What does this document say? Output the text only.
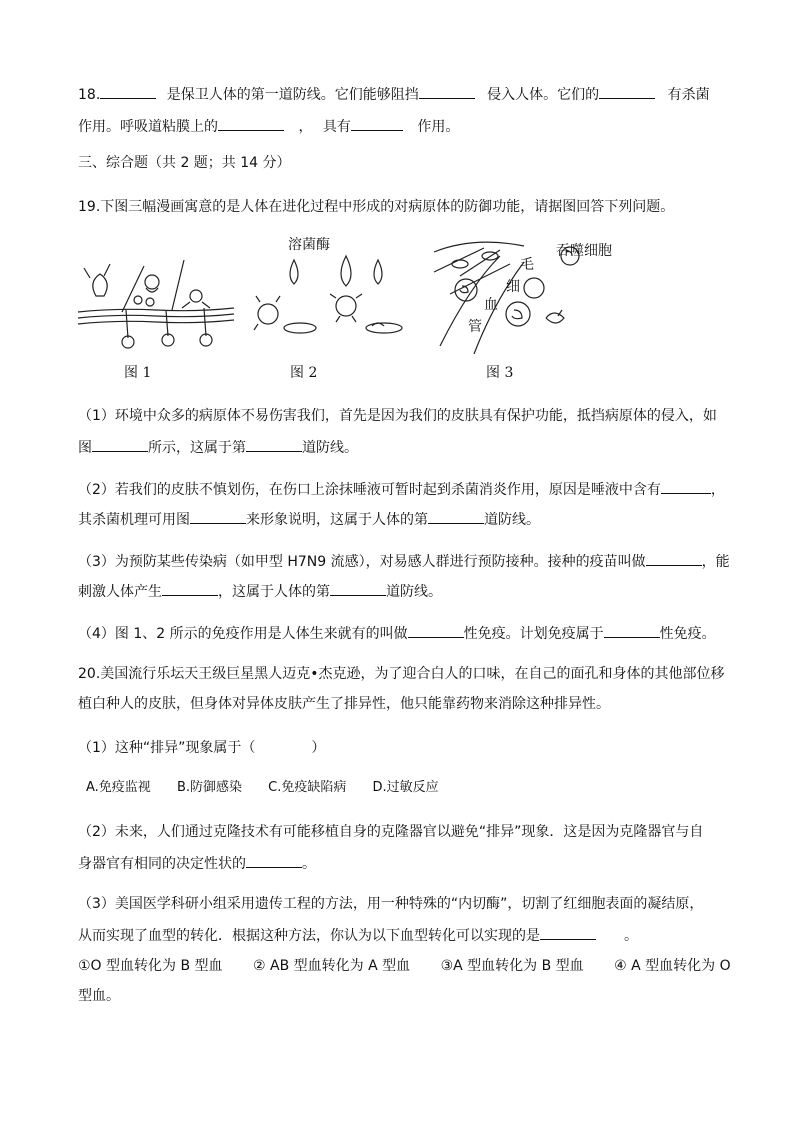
18.	是保卫人体的第一道防线。它们能够阻挡	侵入人体。它们的	有杀菌
作用。呼吸道粘膜上的	， 具有	作用。
三、综合题（共 2 题；共 14 分）
19.下图三幅漫画寓意的是人体在进化过程中形成的对病原体的防御功能，请据图回答下列问题。
溶菌酶	吞噬细胞
毛
细
血
管
图 1	图 2	图 3
（1）环境中众多的病原体不易伤害我们，首先是因为我们的皮肤具有保护功能，抵挡病原体的侵入，如
图	所示，这属于第	道防线。
（2）若我们的皮肤不慎划伤，在伤口上涂抹唾液可暂时起到杀菌消炎作用，原因是唾液中含有	，
其杀菌机理可用图	来形象说明，这属于人体的第	道防线。
（3）为预防某些传染病（如甲型 H7N9 流感），对易感人群进行预防接种。接种的疫苗叫做	，能
刺激人体产生	，这属于人体的第	道防线。
（4）图 1、2 所示的免疫作用是人体生来就有的叫做	性免疫。计划免疫属于	性免疫。
20.美国流行乐坛天王级巨星黑人迈克•杰克逊，为了迎合白人的口味，在自己的面孔和身体的其他部位移
植白种人的皮肤，但身体对异体皮肤产生了排异性，他只能靠药物来消除这种排异性。
（1）这种“排异”现象属于（　　　　）
A.免疫监视 B.防御感染 C.免疫缺陷病 D.过敏反应
（2）未来，人们通过克隆技术有可能移植自身的克隆器官以避免“排异”现象．这是因为克隆器官与自
身器官有相同的决定性状的	。
（3）美国医学科研小组采用遗传工程的方法，用一种特殊的“内切酶”，切割了红细胞表面的凝结原，
从而实现了血型的转化．根据这种方法，你认为以下血型转化可以实现的是	。
①O 型血转化为 B 型血 ② AB 型血转化为 A 型血 ③A 型血转化为 B 型血 ④ A 型血转化为 O
型血。
